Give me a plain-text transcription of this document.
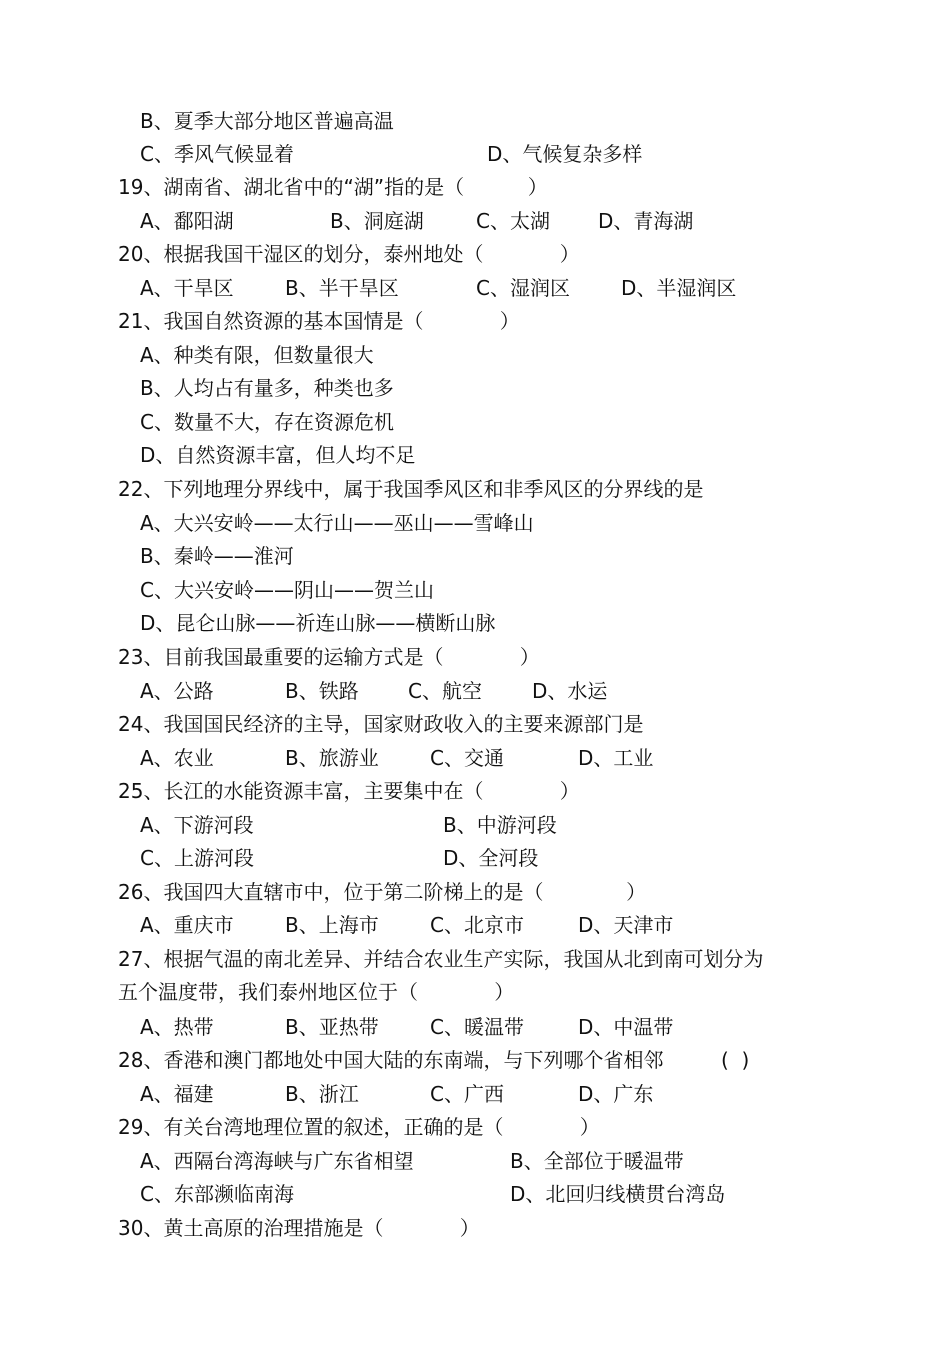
B、夏季大部分地区普遍高温
C、季风气候显着	D、气候复杂多样
19、湖南省、湖北省中的“湖”指的是（          ）
A、鄱阳湖	B、洞庭湖	C、太湖 D、青海湖
20、根据我国干湿区的划分，泰州地处（            ）
A、干旱区	B、半干旱区	C、湿润区	D、半湿润区
21、我国自然资源的基本国情是（            ）
A、种类有限，但数量很大
B、人均占有量多，种类也多
C、数量不大，存在资源危机
D、自然资源丰富，但人均不足
22、下列地理分界线中，属于我国季风区和非季风区的分界线的是
A、大兴安岭——太行山——巫山——雪峰山
B、秦岭——淮河
C、大兴安岭——阴山——贺兰山
D、昆仑山脉——祈连山脉——横断山脉
23、目前我国最重要的运输方式是（            ）
A、公路	B、铁路 C、航空	D、水运
24、我国国民经济的主导，国家财政收入的主要来源部门是
A、农业	B、旅游业	C、交通	D、工业
25、长江的水能资源丰富，主要集中在（            ）
A、下游河段	B、中游河段
C、上游河段	D、全河段
26、我国四大直辖市中，位于第二阶梯上的是（             ）
A、重庆市	B、上海市	C、北京市	D、天津市
27、根据气温的南北差异、并结合农业生产实际，我国从北到南可划分为
五个温度带，我们泰州地区位于（            ）
A、热带	B、亚热带	C、暖温带	D、中温带
28、香港和澳门都地处中国大陆的东南端，与下列哪个省相邻	(  )
A、福建	B、浙江	C、广西	D、广东
29、有关台湾地理位置的叙述，正确的是（            ）
A、西隔台湾海峡与广东省相望	B、全部位于暖温带
C、东部濒临南海	D、北回归线横贯台湾岛
30、黄土高原的治理措施是（            ）
